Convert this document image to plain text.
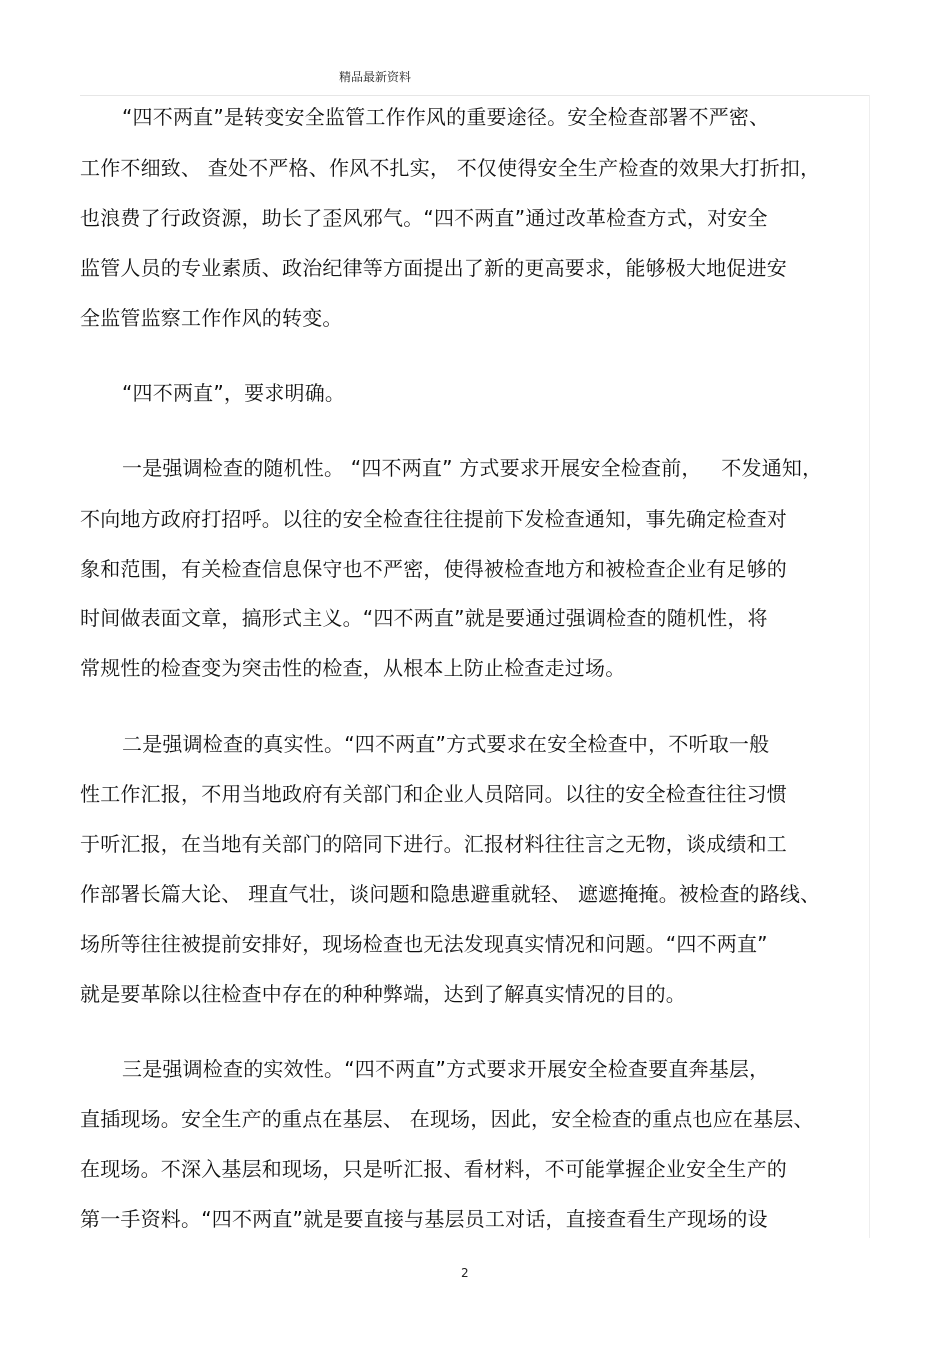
精品最新资料
“四不两直”是转变安全监管工作作风的重要途径。安全检查部署不严密、
工作不细致、 查处不严格、作风不扎实， 不仅使得安全生产检查的效果大打折扣，
也浪费了行政资源，助长了歪风邪气。“四不两直”通过改革检查方式，对安全
监管人员的专业素质、政治纪律等方面提出了新的更高要求，能够极大地促进安
全监管监察工作作风的转变。
“四不两直”，要求明确。
一是强调检查的随机性。 “四不两直” 方式要求开展安全检查前，   不发通知，
不向地方政府打招呼。以往的安全检查往往提前下发检查通知，事先确定检查对
象和范围，有关检查信息保守也不严密，使得被检查地方和被检查企业有足够的
时间做表面文章，搞形式主义。“四不两直”就是要通过强调检查的随机性，将
常规性的检查变为突击性的检查，从根本上防止检查走过场。
二是强调检查的真实性。“四不两直”方式要求在安全检查中，不听取一般
性工作汇报，不用当地政府有关部门和企业人员陪同。以往的安全检查往往习惯
于听汇报，在当地有关部门的陪同下进行。汇报材料往往言之无物，谈成绩和工
作部署长篇大论、 理直气壮，谈问题和隐患避重就轻、 遮遮掩掩。被检查的路线、
场所等往往被提前安排好，现场检查也无法发现真实情况和问题。“四不两直”
就是要革除以往检查中存在的种种弊端，达到了解真实情况的目的。
三是强调检查的实效性。“四不两直”方式要求开展安全检查要直奔基层，
直插现场。安全生产的重点在基层、 在现场，因此，安全检查的重点也应在基层、
在现场。不深入基层和现场，只是听汇报、看材料，不可能掌握企业安全生产的
第一手资料。“四不两直”就是要直接与基层员工对话，直接查看生产现场的设
2
